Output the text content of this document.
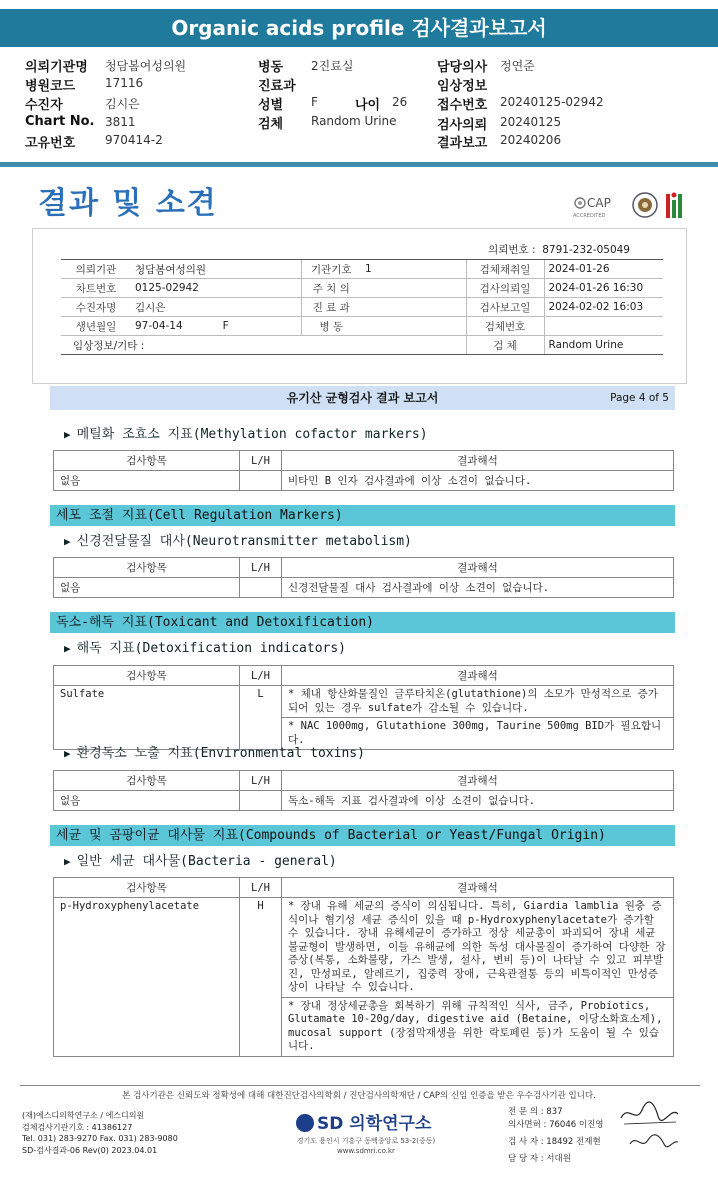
Organic acids profile 검사결과보고서
의뢰기관명 청담봄여성의원
병원코드 17116
수진자	김시은
Chart No. 3811
고유번호 970414-2
병동 2진료실
진료과
성별 F	나이 26
검체 Random Urine
담당의사 정연준
임상정보
접수번호 20240125-02942
검사의뢰 20240125
결과보고 20240206
결과 및 소견	CAP
ACCREDITED
의뢰번호 : 8791-232-05049
의뢰기관	청담봄여성의원	기관기호	1	검체채취일	2024-01-26
차트번호	0125-02942	주 치 의		검사의뢰일	2024-01-26 16:30
수진자명	김시은	진 료 과		검사보고일	2024-02-02 16:03
생년월일	97-04-14 F	병 동		검체번호	
임상정보/기타 :				검 체	Random Urine
유기산 균형검사 결과 보고서	Page 4 of 5
▶ 메틸화 조효소 지표(Methylation cofactor markers)
검사항목	L/H	결과해석
없음		비타민 B 인자 검사결과에 이상 소견이 없습니다.
세포 조절 지표(Cell Regulation Markers)
▶ 신경전달물질 대사(Neurotransmitter metabolism)
검사항목	L/H	결과해석
없음		신경전달물질 대사 검사결과에 이상 소견이 없습니다.
독소-해독 지표(Toxicant and Detoxification)
▶ 해독 지표(Detoxification indicators)
검사항목	L/H	결과해석
Sulfate	L	* 체내 항산화물질인 글루타치온(glutathione)의 소모가 만성적으로 증가되어 있는 경우 sulfate가 감소될 수 있습니다.
		* NAC 1000mg, Glutathione 300mg, Taurine 500mg BID가 필요합니다.
▶ 환경독소 노출 지표(Environmental toxins)
검사항목	L/H	결과해석
없음		독소-해독 지표 검사결과에 이상 소견이 없습니다.
세균 및 곰팡이균 대사물 지표(Compounds of Bacterial or Yeast/Fungal Origin)
▶ 일반 세균 대사물(Bacteria - general)
검사항목	L/H	결과해석
p-Hydroxyphenylacetate	H	* 장내 유해 세균의 증식이 의심됩니다. 특히, Giardia lamblia 원충 증식이나 혐기성 세균 증식이 있을 때 p-Hydroxyphenylacetate가 증가할 수 있습니다. 장내 유해세균이 증가하고 정상 세균총이 파괴되어 장내 세균 불균형이 발생하면, 이들 유해균에 의한 독성 대사물질이 증가하여 다양한 장 증상(복통, 소화불량, 가스 발생, 설사, 변비 등)이 나타날 수 있고 피부발진, 만성피로, 알레르기, 집중력 장애, 근육관절통 등의 비특이적인 만성증상이 나타날 수 있습니다.
		* 장내 정상세균총을 회복하기 위해 규칙적인 식사, 금주, Probiotics, Glutamate 10-20g/day, digestive aid (Betaine, 이당소화효소제), mucosal support (장점막재생을 위한 락토페린 등)가 도움이 될 수 있습니다.
본 검사기관은 신뢰도와 정확성에 대해 대한진단검사의학회 / 진단검사의학재단 / CAP의 신임 인증을 받은 우수검사기관 입니다.
(재)에스디의학연구소 / 에스디의원
검체검사기관기호 : 41386127
Tel. 031) 283-9270 Fax. 031) 283-9080
SD-검사결과-06 Rev(0) 2023.04.01
SD 의학연구소
경기도 용인시 기흥구 동백중앙로 53-2(중동)
www.sdmri.co.kr
전 문 의 : 837
의사면허 : 76046 이진영
검 사 자 : 18492 전재현
담 당 자 : 서대원
